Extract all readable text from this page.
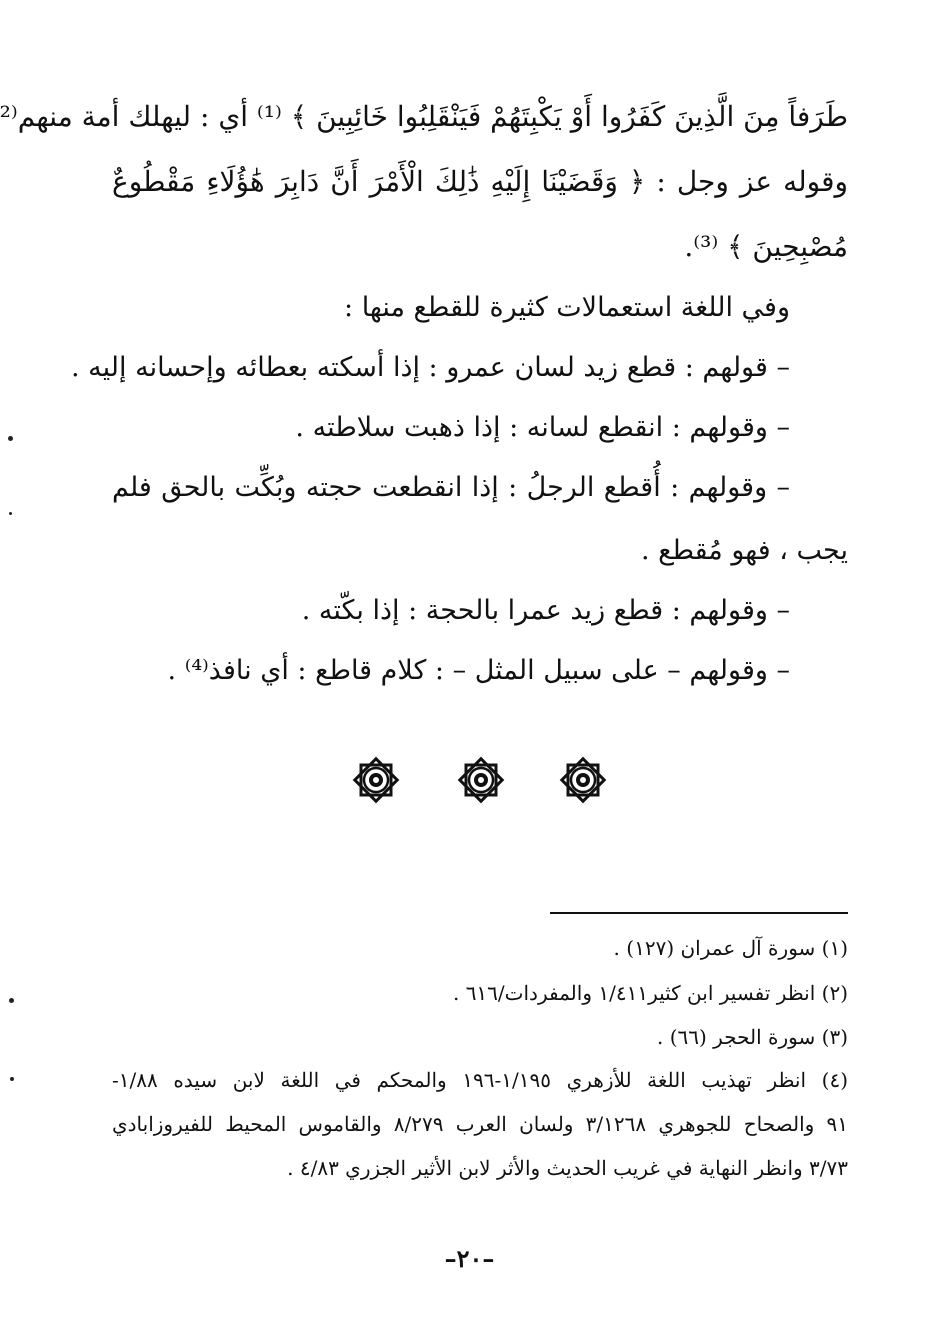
طَرَفاً مِنَ الَّذِينَ كَفَرُوا أَوْ يَكْبِتَهُمْ فَيَنْقَلِبُوا خَائِبِينَ ﴾ ⁽¹⁾ أي : ليهلك أمة منهم⁽²
وقوله عز وجل : ﴿ وَقَضَيْنَا إِلَيْهِ ذَٰلِكَ الْأَمْرَ أَنَّ دَابِرَ هَٰؤُلَاءِ مَقْطُوعٌ
مُصْبِحِينَ ﴾ ⁽³⁾.
وفي اللغة استعمالات كثيرة للقطع منها :
– قولهم : قطع زيد لسان عمرو : إذا أسكته بعطائه وإحسانه إليه .
– وقولهم : انقطع لسانه : إذا ذهبت سلاطته .
– وقولهم : أُقطع الرجلُ : إذا انقطعت حجته وبُكِّت بالحق فلم
يجب ، فهو مُقطع .
– وقولهم : قطع زيد عمرا بالحجة : إذا بكّته .
– وقولهم – على سبيل المثل – : كلام قاطع : أي نافذ⁽⁴⁾ .
(١) سورة آل عمران (١٢٧) .
(٢) انظر تفسير ابن كثير١/٤١١ والمفردات/٦١٦ .
(٣) سورة الحجر (٦٦) .
(٤) انظر تهذيب اللغة للأزهري ١/١٩٥-١٩٦ والمحكم في اللغة لابن سيده ١/٨٨-
٩١ والصحاح للجوهري ٣/١٢٦٨ ولسان العرب ٨/٢٧٩ والقاموس المحيط للفيروزابادي
٣/٧٣ وانظر النهاية في غريب الحديث والأثر لابن الأثير الجزري ٤/٨٣ .
–٢٠–
